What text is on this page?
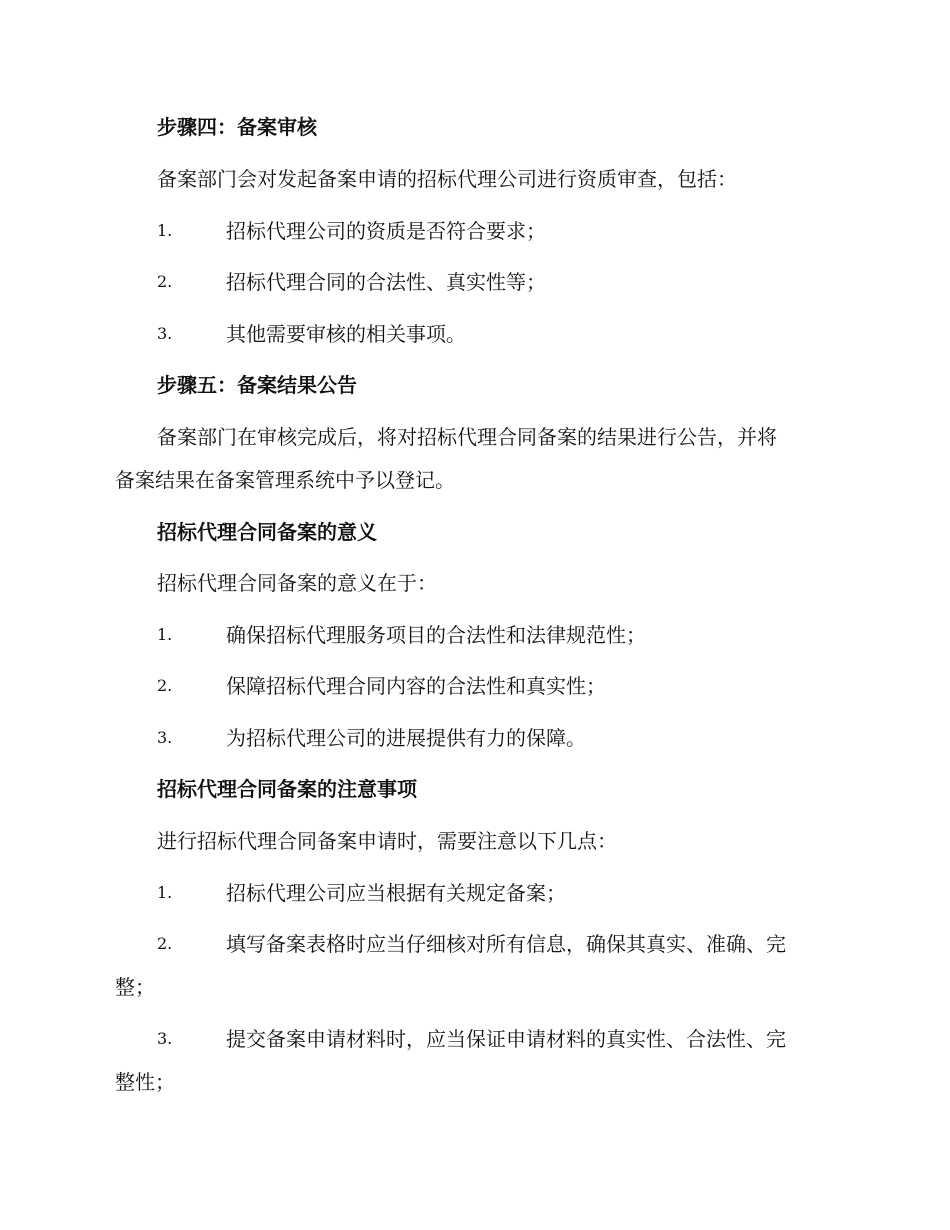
步骤四：备案审核
备案部门会对发起备案申请的招标代理公司进行资质审查，包括：
1.	招标代理公司的资质是否符合要求；
2.	招标代理合同的合法性、真实性等；
3.	其他需要审核的相关事项。
步骤五：备案结果公告
备案部门在审核完成后，将对招标代理合同备案的结果进行公告，并将
备案结果在备案管理系统中予以登记。
招标代理合同备案的意义
招标代理合同备案的意义在于：
1.	确保招标代理服务项目的合法性和法律规范性；
2.	保障招标代理合同内容的合法性和真实性；
3.	为招标代理公司的进展提供有力的保障。
招标代理合同备案的注意事项
进行招标代理合同备案申请时，需要注意以下几点：
1.	招标代理公司应当根据有关规定备案；
2.	填写备案表格时应当仔细核对所有信息，确保其真实、准确、完
整；
3.	提交备案申请材料时，应当保证申请材料的真实性、合法性、完
整性；
